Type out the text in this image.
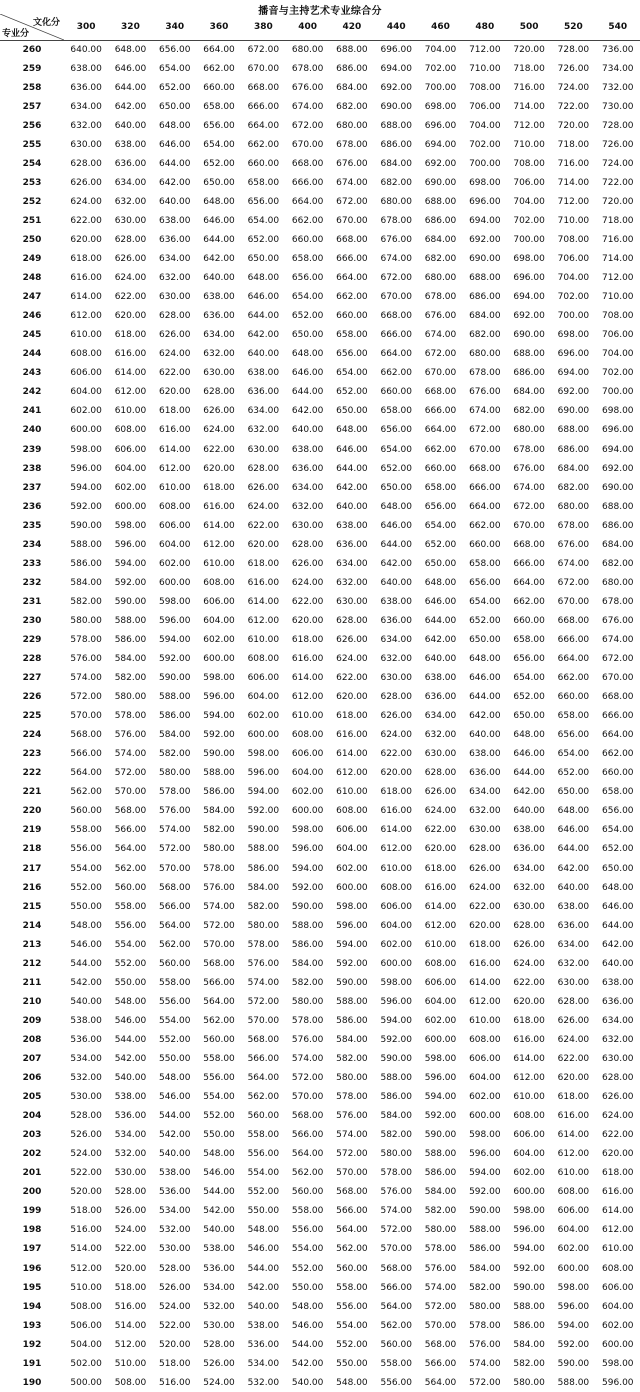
播音与主持艺术专业综合分
文化分
专业分	300	320	340	360	380	400	420	440	460	480	500	520	540
260	640.00	648.00	656.00	664.00	672.00	680.00	688.00	696.00	704.00	712.00	720.00	728.00	736.00
259	638.00	646.00	654.00	662.00	670.00	678.00	686.00	694.00	702.00	710.00	718.00	726.00	734.00
258	636.00	644.00	652.00	660.00	668.00	676.00	684.00	692.00	700.00	708.00	716.00	724.00	732.00
257	634.00	642.00	650.00	658.00	666.00	674.00	682.00	690.00	698.00	706.00	714.00	722.00	730.00
256	632.00	640.00	648.00	656.00	664.00	672.00	680.00	688.00	696.00	704.00	712.00	720.00	728.00
255	630.00	638.00	646.00	654.00	662.00	670.00	678.00	686.00	694.00	702.00	710.00	718.00	726.00
254	628.00	636.00	644.00	652.00	660.00	668.00	676.00	684.00	692.00	700.00	708.00	716.00	724.00
253	626.00	634.00	642.00	650.00	658.00	666.00	674.00	682.00	690.00	698.00	706.00	714.00	722.00
252	624.00	632.00	640.00	648.00	656.00	664.00	672.00	680.00	688.00	696.00	704.00	712.00	720.00
251	622.00	630.00	638.00	646.00	654.00	662.00	670.00	678.00	686.00	694.00	702.00	710.00	718.00
250	620.00	628.00	636.00	644.00	652.00	660.00	668.00	676.00	684.00	692.00	700.00	708.00	716.00
249	618.00	626.00	634.00	642.00	650.00	658.00	666.00	674.00	682.00	690.00	698.00	706.00	714.00
248	616.00	624.00	632.00	640.00	648.00	656.00	664.00	672.00	680.00	688.00	696.00	704.00	712.00
247	614.00	622.00	630.00	638.00	646.00	654.00	662.00	670.00	678.00	686.00	694.00	702.00	710.00
246	612.00	620.00	628.00	636.00	644.00	652.00	660.00	668.00	676.00	684.00	692.00	700.00	708.00
245	610.00	618.00	626.00	634.00	642.00	650.00	658.00	666.00	674.00	682.00	690.00	698.00	706.00
244	608.00	616.00	624.00	632.00	640.00	648.00	656.00	664.00	672.00	680.00	688.00	696.00	704.00
243	606.00	614.00	622.00	630.00	638.00	646.00	654.00	662.00	670.00	678.00	686.00	694.00	702.00
242	604.00	612.00	620.00	628.00	636.00	644.00	652.00	660.00	668.00	676.00	684.00	692.00	700.00
241	602.00	610.00	618.00	626.00	634.00	642.00	650.00	658.00	666.00	674.00	682.00	690.00	698.00
240	600.00	608.00	616.00	624.00	632.00	640.00	648.00	656.00	664.00	672.00	680.00	688.00	696.00
239	598.00	606.00	614.00	622.00	630.00	638.00	646.00	654.00	662.00	670.00	678.00	686.00	694.00
238	596.00	604.00	612.00	620.00	628.00	636.00	644.00	652.00	660.00	668.00	676.00	684.00	692.00
237	594.00	602.00	610.00	618.00	626.00	634.00	642.00	650.00	658.00	666.00	674.00	682.00	690.00
236	592.00	600.00	608.00	616.00	624.00	632.00	640.00	648.00	656.00	664.00	672.00	680.00	688.00
235	590.00	598.00	606.00	614.00	622.00	630.00	638.00	646.00	654.00	662.00	670.00	678.00	686.00
234	588.00	596.00	604.00	612.00	620.00	628.00	636.00	644.00	652.00	660.00	668.00	676.00	684.00
233	586.00	594.00	602.00	610.00	618.00	626.00	634.00	642.00	650.00	658.00	666.00	674.00	682.00
232	584.00	592.00	600.00	608.00	616.00	624.00	632.00	640.00	648.00	656.00	664.00	672.00	680.00
231	582.00	590.00	598.00	606.00	614.00	622.00	630.00	638.00	646.00	654.00	662.00	670.00	678.00
230	580.00	588.00	596.00	604.00	612.00	620.00	628.00	636.00	644.00	652.00	660.00	668.00	676.00
229	578.00	586.00	594.00	602.00	610.00	618.00	626.00	634.00	642.00	650.00	658.00	666.00	674.00
228	576.00	584.00	592.00	600.00	608.00	616.00	624.00	632.00	640.00	648.00	656.00	664.00	672.00
227	574.00	582.00	590.00	598.00	606.00	614.00	622.00	630.00	638.00	646.00	654.00	662.00	670.00
226	572.00	580.00	588.00	596.00	604.00	612.00	620.00	628.00	636.00	644.00	652.00	660.00	668.00
225	570.00	578.00	586.00	594.00	602.00	610.00	618.00	626.00	634.00	642.00	650.00	658.00	666.00
224	568.00	576.00	584.00	592.00	600.00	608.00	616.00	624.00	632.00	640.00	648.00	656.00	664.00
223	566.00	574.00	582.00	590.00	598.00	606.00	614.00	622.00	630.00	638.00	646.00	654.00	662.00
222	564.00	572.00	580.00	588.00	596.00	604.00	612.00	620.00	628.00	636.00	644.00	652.00	660.00
221	562.00	570.00	578.00	586.00	594.00	602.00	610.00	618.00	626.00	634.00	642.00	650.00	658.00
220	560.00	568.00	576.00	584.00	592.00	600.00	608.00	616.00	624.00	632.00	640.00	648.00	656.00
219	558.00	566.00	574.00	582.00	590.00	598.00	606.00	614.00	622.00	630.00	638.00	646.00	654.00
218	556.00	564.00	572.00	580.00	588.00	596.00	604.00	612.00	620.00	628.00	636.00	644.00	652.00
217	554.00	562.00	570.00	578.00	586.00	594.00	602.00	610.00	618.00	626.00	634.00	642.00	650.00
216	552.00	560.00	568.00	576.00	584.00	592.00	600.00	608.00	616.00	624.00	632.00	640.00	648.00
215	550.00	558.00	566.00	574.00	582.00	590.00	598.00	606.00	614.00	622.00	630.00	638.00	646.00
214	548.00	556.00	564.00	572.00	580.00	588.00	596.00	604.00	612.00	620.00	628.00	636.00	644.00
213	546.00	554.00	562.00	570.00	578.00	586.00	594.00	602.00	610.00	618.00	626.00	634.00	642.00
212	544.00	552.00	560.00	568.00	576.00	584.00	592.00	600.00	608.00	616.00	624.00	632.00	640.00
211	542.00	550.00	558.00	566.00	574.00	582.00	590.00	598.00	606.00	614.00	622.00	630.00	638.00
210	540.00	548.00	556.00	564.00	572.00	580.00	588.00	596.00	604.00	612.00	620.00	628.00	636.00
209	538.00	546.00	554.00	562.00	570.00	578.00	586.00	594.00	602.00	610.00	618.00	626.00	634.00
208	536.00	544.00	552.00	560.00	568.00	576.00	584.00	592.00	600.00	608.00	616.00	624.00	632.00
207	534.00	542.00	550.00	558.00	566.00	574.00	582.00	590.00	598.00	606.00	614.00	622.00	630.00
206	532.00	540.00	548.00	556.00	564.00	572.00	580.00	588.00	596.00	604.00	612.00	620.00	628.00
205	530.00	538.00	546.00	554.00	562.00	570.00	578.00	586.00	594.00	602.00	610.00	618.00	626.00
204	528.00	536.00	544.00	552.00	560.00	568.00	576.00	584.00	592.00	600.00	608.00	616.00	624.00
203	526.00	534.00	542.00	550.00	558.00	566.00	574.00	582.00	590.00	598.00	606.00	614.00	622.00
202	524.00	532.00	540.00	548.00	556.00	564.00	572.00	580.00	588.00	596.00	604.00	612.00	620.00
201	522.00	530.00	538.00	546.00	554.00	562.00	570.00	578.00	586.00	594.00	602.00	610.00	618.00
200	520.00	528.00	536.00	544.00	552.00	560.00	568.00	576.00	584.00	592.00	600.00	608.00	616.00
199	518.00	526.00	534.00	542.00	550.00	558.00	566.00	574.00	582.00	590.00	598.00	606.00	614.00
198	516.00	524.00	532.00	540.00	548.00	556.00	564.00	572.00	580.00	588.00	596.00	604.00	612.00
197	514.00	522.00	530.00	538.00	546.00	554.00	562.00	570.00	578.00	586.00	594.00	602.00	610.00
196	512.00	520.00	528.00	536.00	544.00	552.00	560.00	568.00	576.00	584.00	592.00	600.00	608.00
195	510.00	518.00	526.00	534.00	542.00	550.00	558.00	566.00	574.00	582.00	590.00	598.00	606.00
194	508.00	516.00	524.00	532.00	540.00	548.00	556.00	564.00	572.00	580.00	588.00	596.00	604.00
193	506.00	514.00	522.00	530.00	538.00	546.00	554.00	562.00	570.00	578.00	586.00	594.00	602.00
192	504.00	512.00	520.00	528.00	536.00	544.00	552.00	560.00	568.00	576.00	584.00	592.00	600.00
191	502.00	510.00	518.00	526.00	534.00	542.00	550.00	558.00	566.00	574.00	582.00	590.00	598.00
190	500.00	508.00	516.00	524.00	532.00	540.00	548.00	556.00	564.00	572.00	580.00	588.00	596.00
